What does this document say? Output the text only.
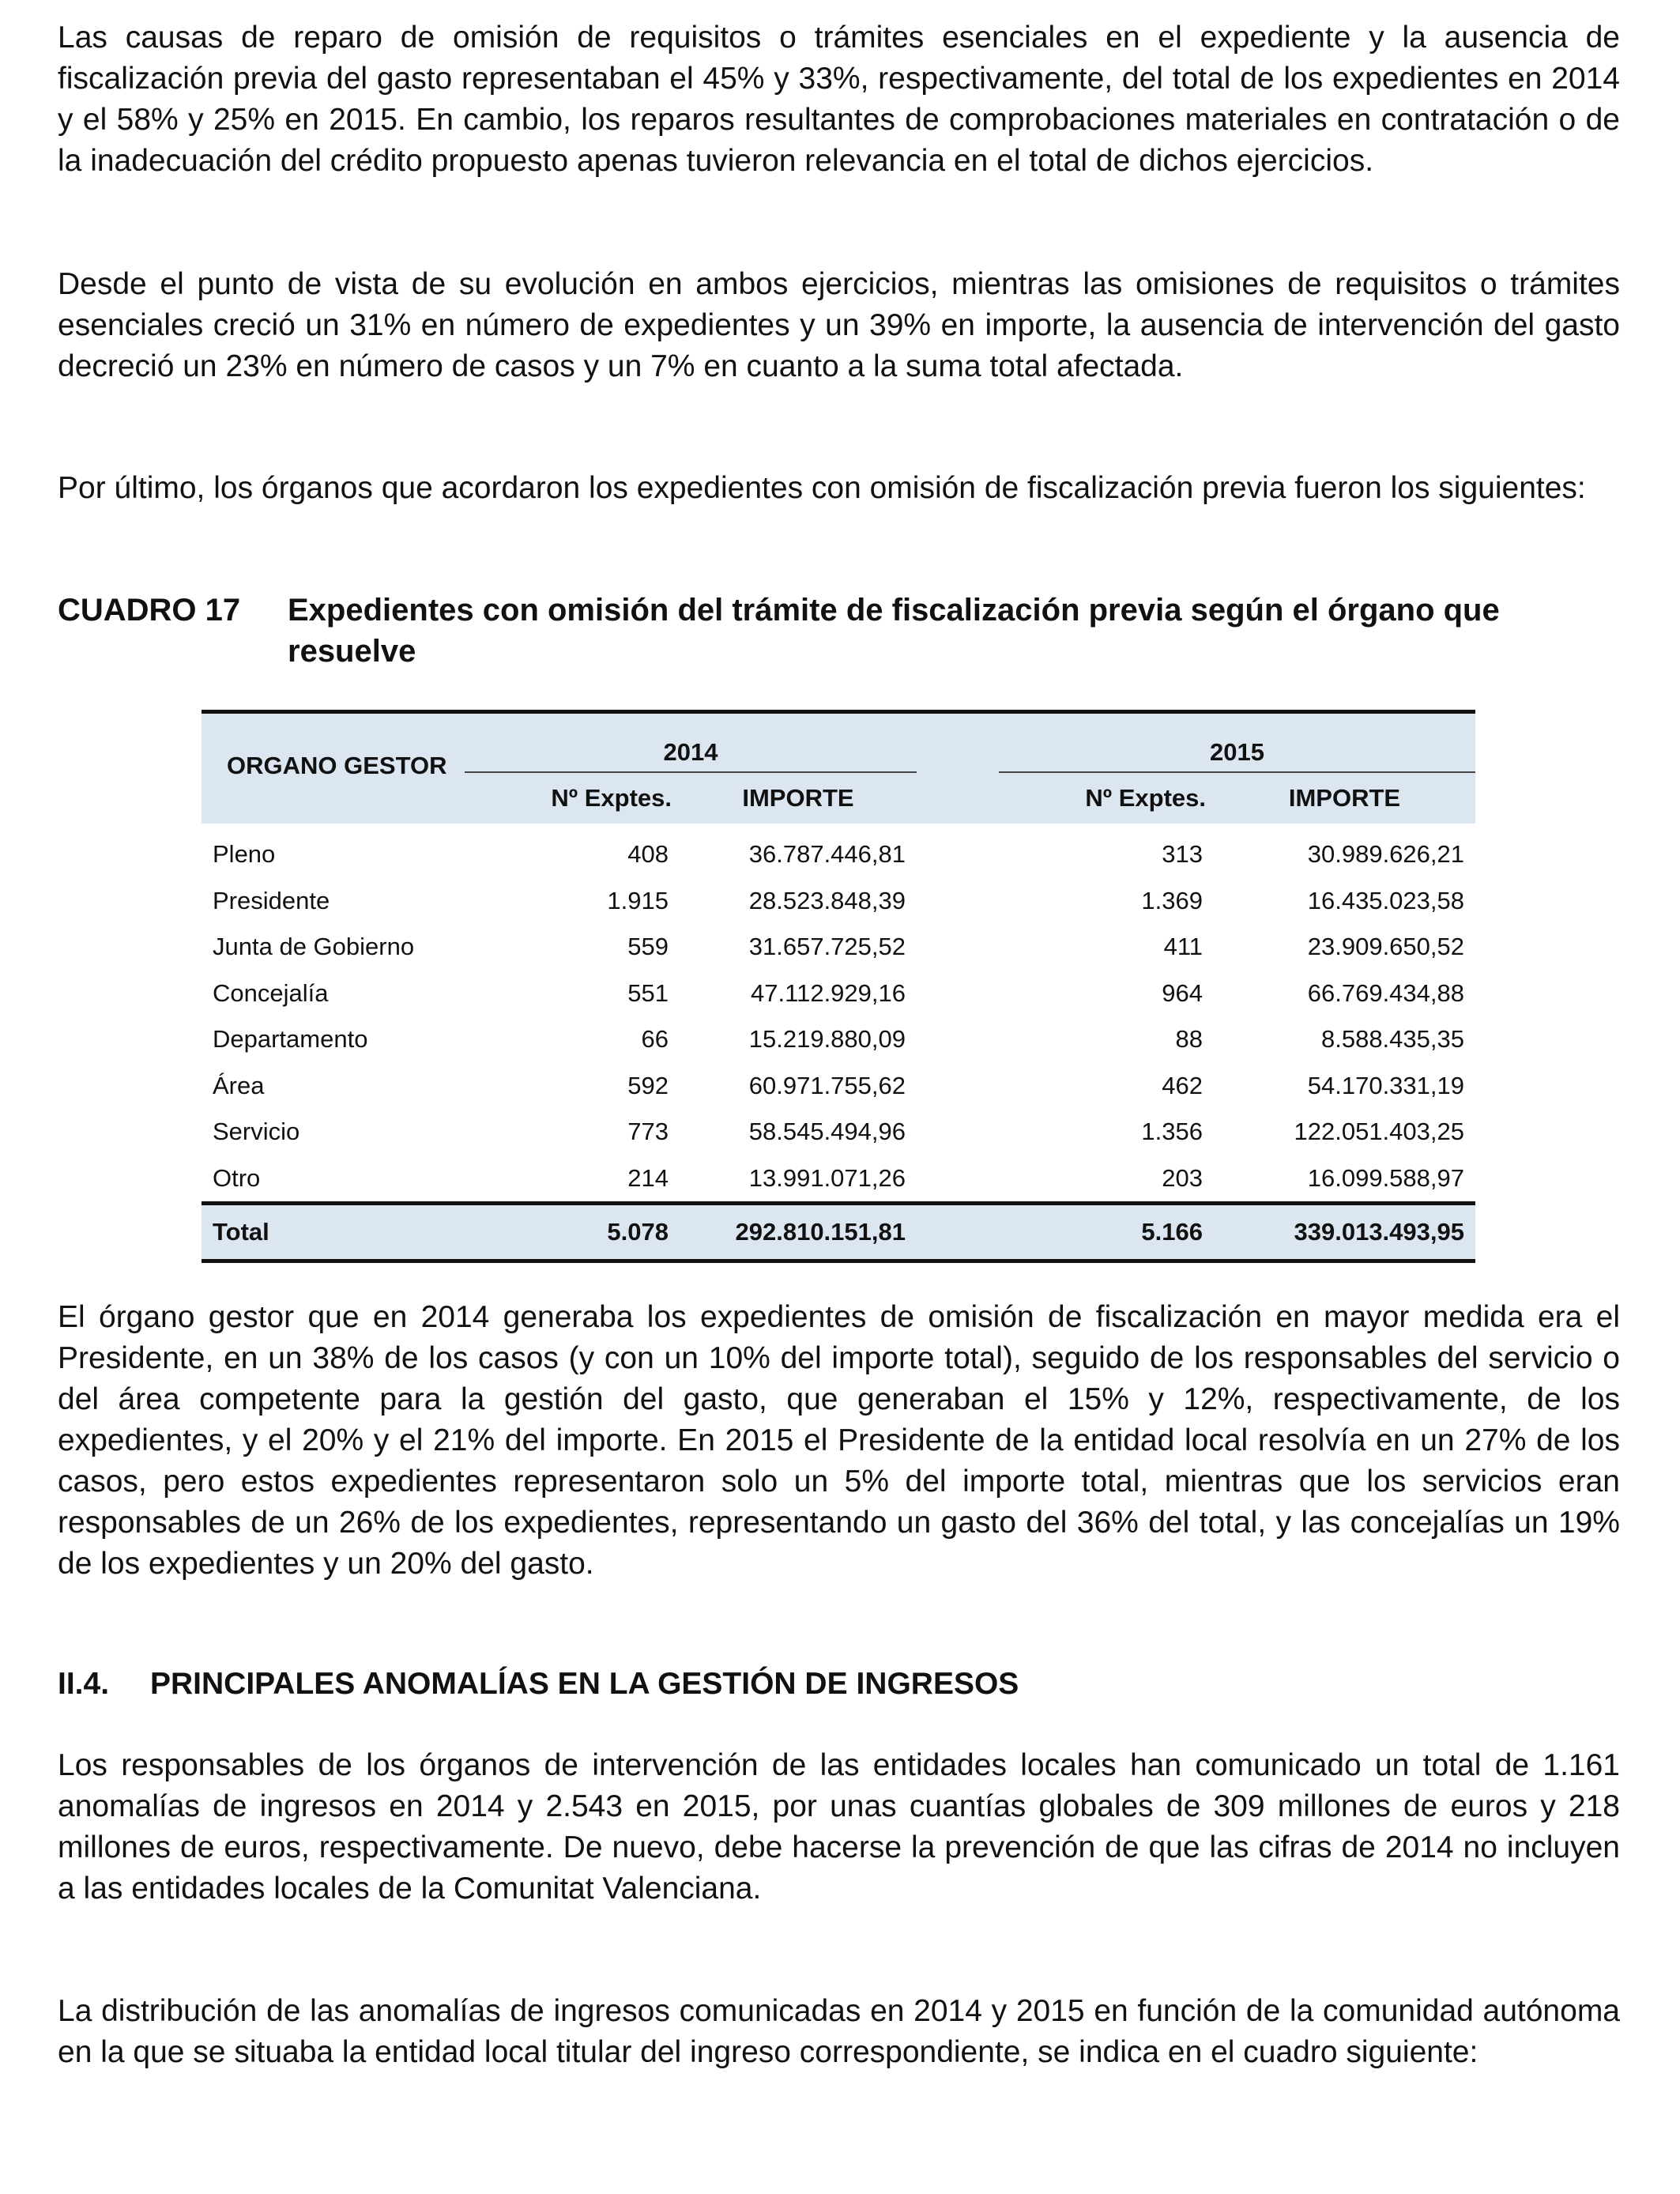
Las causas de reparo de omisión de requisitos o trámites esenciales en el expediente y la ausencia de fiscalización previa del gasto representaban el 45% y 33%, respectivamente, del total de los expedientes en 2014 y el 58% y 25% en 2015. En cambio, los reparos resultantes de comprobaciones materiales en contratación o de la inadecuación del crédito propuesto apenas tuvieron relevancia en el total de dichos ejercicios.

Desde el punto de vista de su evolución en ambos ejercicios, mientras las omisiones de requisitos o trámites esenciales creció un 31% en número de expedientes y un 39% en importe, la ausencia de intervención del gasto decreció un 23% en número de casos y un 7% en cuanto a la suma total afectada.

Por último, los órganos que acordaron los expedientes con omisión de fiscalización previa fueron los siguientes:

CUADRO 17 Expedientes con omisión del trámite de fiscalización previa según el órgano que resuelve
ORGANO GESTOR	2014			2015	

	Nº Exptes.	IMPORTE		Nº Exptes.	IMPORTE
Pleno	408	36.787.446,81		313	30.989.626,21
Presidente	1.915	28.523.848,39		1.369	16.435.023,58
Junta de Gobierno	559	31.657.725,52		411	23.909.650,52
Concejalía	551	47.112.929,16		964	66.769.434,88
Departamento	66	15.219.880,09		88	8.588.435,35
Área	592	60.971.755,62		462	54.170.331,19
Servicio	773	58.545.494,96		1.356	122.051.403,25
Otro	214	13.991.071,26		203	16.099.588,97
Total	5.078	292.810.151,81		5.166	339.013.493,95

El órgano gestor que en 2014 generaba los expedientes de omisión de fiscalización en mayor medida era el Presidente, en un 38% de los casos (y con un 10% del importe total), seguido de los responsables del servicio o del área competente para la gestión del gasto, que generaban el 15% y 12%, respectivamente, de los expedientes, y el 20% y el 21% del importe. En 2015 el Presidente de la entidad local resolvía en un 27% de los casos, pero estos expedientes representaron solo un 5% del importe total, mientras que los servicios eran responsables de un 26% de los expedientes, representando un gasto del 36% del total, y las concejalías un 19% de los expedientes y un 20% del gasto.

II.4. PRINCIPALES ANOMALÍAS EN LA GESTIÓN DE INGRESOS

Los responsables de los órganos de intervención de las entidades locales han comunicado un total de 1.161 anomalías de ingresos en 2014 y 2.543 en 2015, por unas cuantías globales de 309 millones de euros y 218 millones de euros, respectivamente. De nuevo, debe hacerse la prevención de que las cifras de 2014 no incluyen a las entidades locales de la Comunitat Valenciana.

La distribución de las anomalías de ingresos comunicadas en 2014 y 2015 en función de la comunidad autónoma en la que se situaba la entidad local titular del ingreso correspondiente, se indica en el cuadro siguiente:
